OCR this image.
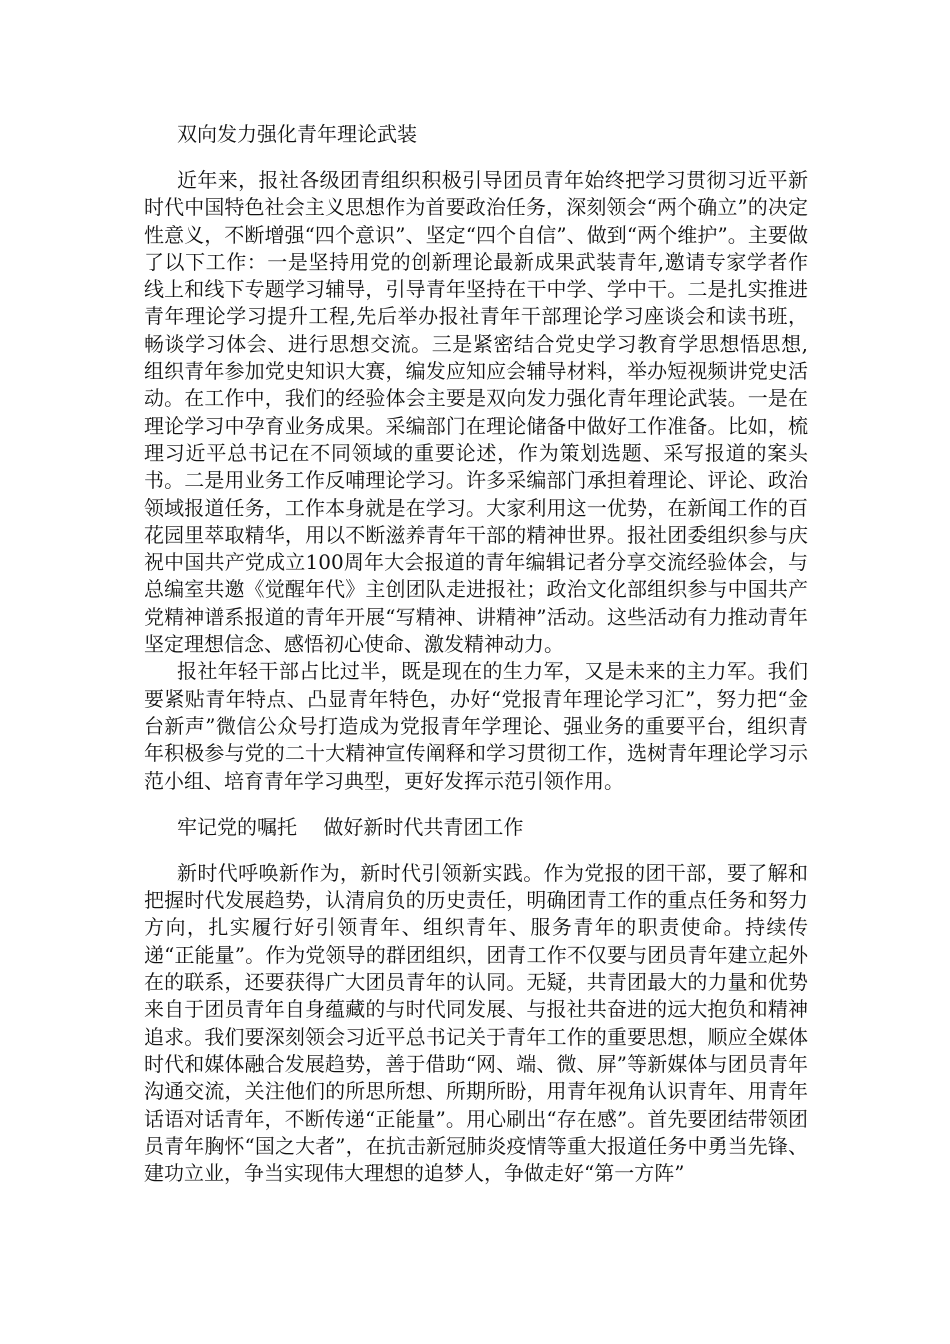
双向发力强化青年理论武装

近年来，报社各级团青组织积极引导团员青年始终把学习贯彻习近平新时代中国特色社会主义思想作为首要政治任务，深刻领会“两个确立”的决定性意义，不断增强“四个意识”、坚定“四个自信”、做到“两个维护”。主要做了以下工作：一是坚持用党的创新理论最新成果武装青年,邀请专家学者作线上和线下专题学习辅导，引导青年坚持在干中学、学中干。二是扎实推进青年理论学习提升工程,先后举办报社青年干部理论学习座谈会和读书班，畅谈学习体会、进行思想交流。三是紧密结合党史学习教育学思想悟思想,组织青年参加党史知识大赛，编发应知应会辅导材料，举办短视频讲党史活动。在工作中，我们的经验体会主要是双向发力强化青年理论武装。一是在理论学习中孕育业务成果。采编部门在理论储备中做好工作准备。比如，梳理习近平总书记在不同领域的重要论述，作为策划选题、采写报道的案头书。二是用业务工作反哺理论学习。许多采编部门承担着理论、评论、政治领域报道任务，工作本身就是在学习。大家利用这一优势，在新闻工作的百花园里萃取精华，用以不断滋养青年干部的精神世界。报社团委组织参与庆祝中国共产党成立100周年大会报道的青年编辑记者分享交流经验体会，与总编室共邀《觉醒年代》主创团队走进报社；政治文化部组织参与中国共产党精神谱系报道的青年开展“写精神、讲精神”活动。这些活动有力推动青年坚定理想信念、感悟初心使命、激发精神动力。

报社年轻干部占比过半，既是现在的生力军，又是未来的主力军。我们要紧贴青年特点、凸显青年特色，办好“党报青年理论学习汇”，努力把“金台新声”微信公众号打造成为党报青年学理论、强业务的重要平台，组织青年积极参与党的二十大精神宣传阐释和学习贯彻工作，选树青年理论学习示范小组、培育青年学习典型，更好发挥示范引领作用。

牢记党的嘱托　 做好新时代共青团工作

新时代呼唤新作为，新时代引领新实践。作为党报的团干部，要了解和把握时代发展趋势，认清肩负的历史责任，明确团青工作的重点任务和努力方向，扎实履行好引领青年、组织青年、服务青年的职责使命。持续传递“正能量”。作为党领导的群团组织，团青工作不仅要与团员青年建立起外在的联系，还要获得广大团员青年的认同。无疑，共青团最大的力量和优势来自于团员青年自身蕴藏的与时代同发展、与报社共奋进的远大抱负和精神追求。我们要深刻领会习近平总书记关于青年工作的重要思想，顺应全媒体时代和媒体融合发展趋势，善于借助“网、端、微、屏”等新媒体与团员青年沟通交流，关注他们的所思所想、所期所盼，用青年视角认识青年、用青年话语对话青年，不断传递“正能量”。用心刷出“存在感”。首先要团结带领团员青年胸怀“国之大者”，在抗击新冠肺炎疫情等重大报道任务中勇当先锋、建功立业，争当实现伟大理想的追梦人，争做走好“第一方阵”
